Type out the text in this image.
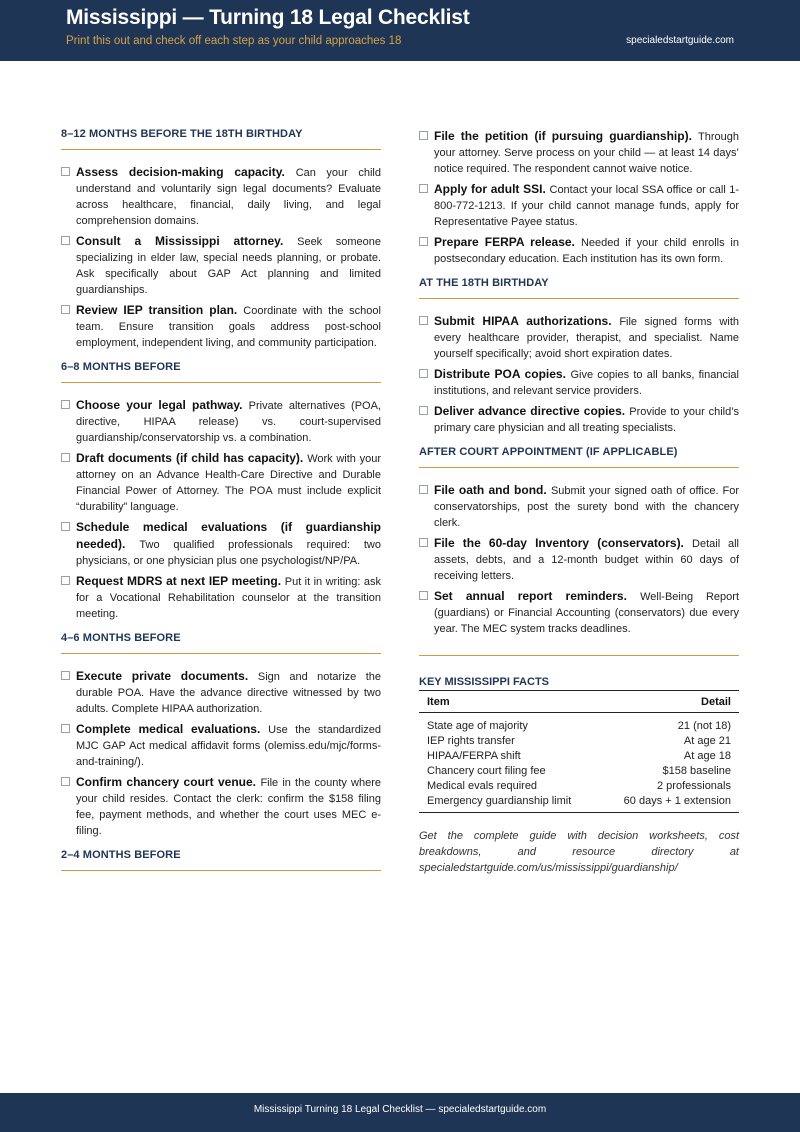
Mississippi — Turning 18 Legal Checklist
Print this out and check off each step as your child approaches 18	specialedstartguide.com
8–12 MONTHS BEFORE THE 18TH BIRTHDAY
Assess decision-making capacity. Can your child understand and voluntarily sign legal documents? Evaluate across healthcare, financial, daily living, and legal comprehension domains.
Consult a Mississippi attorney. Seek someone specializing in elder law, special needs planning, or probate. Ask specifically about GAP Act planning and limited guardianships.
Review IEP transition plan. Coordinate with the school team. Ensure transition goals address post-school employment, independent living, and community participation.
6–8 MONTHS BEFORE
Choose your legal pathway. Private alternatives (POA, directive, HIPAA release) vs. court-supervised guardianship/conservatorship vs. a combination.
Draft documents (if child has capacity). Work with your attorney on an Advance Health-Care Directive and Durable Financial Power of Attorney. The POA must include explicit “durability” language.
Schedule medical evaluations (if guardianship needed). Two qualified professionals required: two physicians, or one physician plus one psychologist/NP/PA.
Request MDRS at next IEP meeting. Put it in writing: ask for a Vocational Rehabilitation counselor at the transition meeting.
4–6 MONTHS BEFORE
Execute private documents. Sign and notarize the durable POA. Have the advance directive witnessed by two adults. Complete HIPAA authorization.
Complete medical evaluations. Use the standardized MJC GAP Act medical affidavit forms (olemiss.edu/mjc/forms-and-training/).
Confirm chancery court venue. File in the county where your child resides. Contact the clerk: confirm the $158 filing fee, payment methods, and whether the court uses MEC e-filing.
2–4 MONTHS BEFORE
File the petition (if pursuing guardianship). Through your attorney. Serve process on your child — at least 14 days’ notice required. The respondent cannot waive notice.
Apply for adult SSI. Contact your local SSA office or call 1-800-772-1213. If your child cannot manage funds, apply for Representative Payee status.
Prepare FERPA release. Needed if your child enrolls in postsecondary education. Each institution has its own form.
AT THE 18TH BIRTHDAY
Submit HIPAA authorizations. File signed forms with every healthcare provider, therapist, and specialist. Name yourself specifically; avoid short expiration dates.
Distribute POA copies. Give copies to all banks, financial institutions, and relevant service providers.
Deliver advance directive copies. Provide to your child’s primary care physician and all treating specialists.
AFTER COURT APPOINTMENT (IF APPLICABLE)
File oath and bond. Submit your signed oath of office. For conservatorships, post the surety bond with the chancery clerk.
File the 60-day Inventory (conservators). Detail all assets, debts, and a 12-month budget within 60 days of receiving letters.
Set annual report reminders. Well-Being Report (guardians) or Financial Accounting (conservators) due every year. The MEC system tracks deadlines.
KEY MISSISSIPPI FACTS
Item	Detail
State age of majority	21 (not 18)
IEP rights transfer	At age 21
HIPAA/FERPA shift	At age 18
Chancery court filing fee	$158 baseline
Medical evals required	2 professionals
Emergency guardianship limit	60 days + 1 extension
Get the complete guide with decision worksheets, cost breakdowns, and resource directory at specialedstartguide.com/us/mississippi/guardianship/
Mississippi Turning 18 Legal Checklist — specialedstartguide.com
